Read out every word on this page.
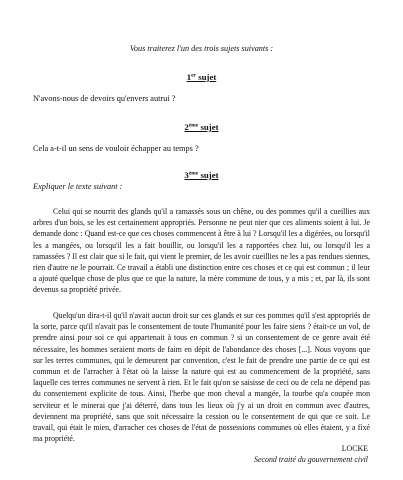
Vous traiterez l'un des trois sujets suivants :
1er sujet
N'avons-nous de devoirs qu'envers autrui ?
2ème sujet
Cela a-t-il un sens de vouloir échapper au temps ?
3ème sujet
Expliquer le texte suivant :

Celui qui se nourrit des glands qu'il a ramassés sous un chêne, ou des pommes qu'il a cueillies aux arbres d'un bois, se les est certainement appropriés. Personne ne peut nier que ces aliments soient à lui. Je demande donc : Quand est-ce que ces choses commencent à être à lui ? Lorsqu'il les a digérées, ou lorsqu'il les a mangées, ou lorsqu'il les a fait bouillir, ou lorsqu'il les a rapportées chez lui, ou lorsqu'il les a ramassées ? Il est clair que si le fait, qui vient le premier, de les avoir cueillies ne les a pas rendues siennes, rien d'autre ne le pourrait. Ce travail a établi une distinction entre ces choses et ce qui est commun ; il leur a ajouté quelque chose de plus que ce que la nature, la mère commune de tous, y a mis ; et, par là, ils sont devenus sa propriété privée.

Quelqu'un dira-t-il qu'il n'avait aucun droit sur ces glands et sur ces pommes qu'il s'est appropriés de la sorte, parce qu'il n'avait pas le consentement de toute l'humanité pour les faire siens ? était-ce un vol, de prendre ainsi pour soi ce qui appartenait à tous en commun ? si un consentement de ce genre avait été nécessaire, les hommes seraient morts de faim en dépit de l'abondance des choses [...]. Nous voyons que sur les terres communes, qui le demeurent par convention, c'est le fait de prendre une partie de ce qui est commun et de l'arracher à l'état où la laisse la nature qui est au commencement de la propriété, sans laquelle ces terres communes ne servent à rien. Et le fait qu'on se saisisse de ceci ou de cela ne dépend pas du consentement explicite de tous. Ainsi, l'herbe que mon cheval a mangée, la tourbe qu'a coupée mon serviteur et le minerai que j'ai déterré, dans tous les lieux où j'y ai un droit en commun avec d'autres, deviennent ma propriété, sans que soit nécessaire la cession ou le consentement de qui que ce soit. Le travail, qui était le mien, d'arracher ces choses de l'état de possessions communes où elles étaient, y a fixé ma propriété.

LOCKE
Second traité du gouvernement civil
